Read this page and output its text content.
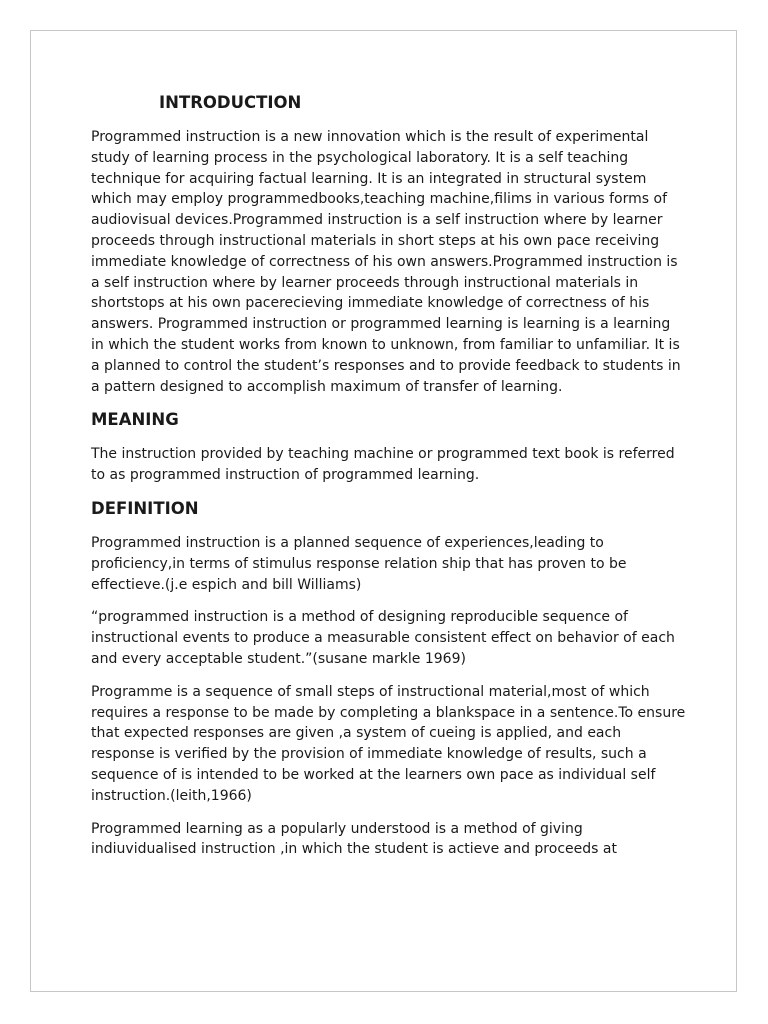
INTRODUCTION

Programmed instruction is a new innovation which is the result of experimental study of learning process in the psychological laboratory. It is a self teaching technique for acquiring factual learning. It is an integrated in structural system which may employ programmedbooks,teaching machine,filims in various forms of audiovisual devices.Programmed instruction is a self instruction where by learner proceeds through instructional materials in short steps at his own pace receiving immediate knowledge of correctness of his own answers.Programmed instruction is a self instruction where by learner proceeds through instructional materials in shortstops at his own pacerecieving immediate knowledge of correctness of his answers. Programmed instruction or programmed learning is learning is a learning in which the student works from known to unknown, from familiar to unfamiliar. It is a planned to control the student’s responses and to provide feedback to students in a pattern designed to accomplish maximum of transfer of learning.

MEANING

The instruction provided by teaching machine or programmed text book is referred to as programmed instruction of programmed learning.

DEFINITION

Programmed instruction is a planned sequence of experiences,leading to proficiency,in terms of stimulus response relation ship that has proven to be effectieve.(j.e espich and bill Williams)

“programmed instruction is a method of designing reproducible sequence of instructional events to produce a measurable consistent effect on behavior of each and every acceptable student.”(susane markle 1969)

Programme is a sequence of small steps of instructional material,most of which requires a response to be made by completing a blankspace in a sentence.To ensure that expected responses are given ,a system of cueing is applied, and each response is verified by the provision of immediate knowledge of results, such a sequence of is intended to be worked at the learners own pace as individual self instruction.(leith,1966)

Programmed learning as a popularly understood is a method of giving indiuvidualised instruction ,in which the student is actieve and proceeds at
